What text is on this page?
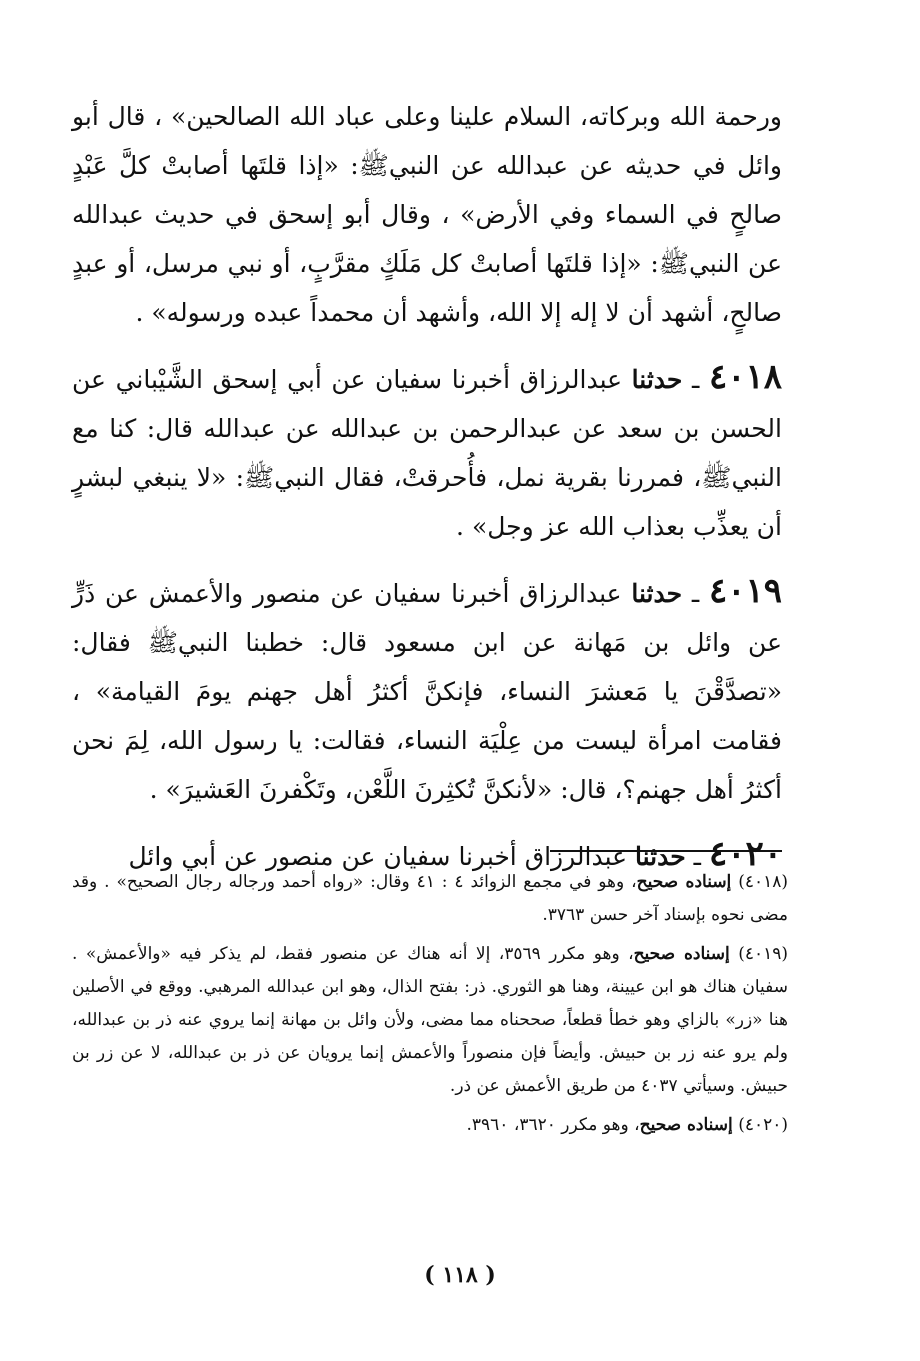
ورحمة الله وبركاته، السلام علينا وعلى عباد الله الصالحين» ، قال أبو وائل في حديثه عن عبدالله عن النبيﷺ: «إذا قلتَها أصابتْ كلَّ عَبْدٍ صالحٍ في السماء وفي الأرض» ، وقال أبو إسحق في حديث عبدالله عن النبيﷺ: «إذا قلتَها أصابتْ كل مَلَكٍ مقرَّبٍ، أو نبي مرسل، أو عبدٍ صالحٍ، أشهد أن لا إله إلا الله، وأشهد أن محمداً عبده ورسوله» .

٤٠١٨ ـ حدثنا عبدالرزاق أخبرنا سفيان عن أبي إسحق الشَّيْباني عن الحسن بن سعد عن عبدالرحمن بن عبدالله عن عبدالله قال: كنا مع النبيﷺ، فمررنا بقرية نمل، فأُحرقتْ، فقال النبيﷺ: «لا ينبغي لبشرٍ أن يعذِّب بعذاب الله عز وجل» .

٤٠١٩ ـ حدثنا عبدالرزاق أخبرنا سفيان عن منصور والأعمش عن ذَرٍّ عن وائل بن مَهانة عن ابن مسعود قال: خطبنا النبيﷺ فقال: «تصدَّقْنَ يا مَعشرَ النساء، فإنكنَّ أكثرُ أهل جهنم يومَ القيامة» ، فقامت امرأة ليست من عِلْيَة النساء، فقالت: يا رسول الله، لِمَ نحن أكثرُ أهل جهنم؟، قال: «لأنكنَّ تُكثِرنَ اللَّعْن، وتَكْفرنَ العَشيرَ» .

٤٠٢٠ ـ حدثنا عبدالرزاق أخبرنا سفيان عن منصور عن أبي وائل

(٤٠١٨) إسناده صحيح، وهو في مجمع الزوائد ٤ : ٤١ وقال: «رواه أحمد ورجاله رجال الصحيح» . وقد مضى نحوه بإسناد آخر حسن ٣٧٦٣.
(٤٠١٩) إسناده صحيح، وهو مكرر ٣٥٦٩، إلا أنه هناك عن منصور فقط، لم يذكر فيه «والأعمش» . سفيان هناك هو ابن عيينة، وهنا هو الثوري. ذر: بفتح الذال، وهو ابن عبدالله المرهبي. ووقع في الأصلين هنا «زر» بالزاي وهو خطأ قطعاً، صححناه مما مضى، ولأن وائل بن مهانة إنما يروي عنه ذر بن عبدالله، ولم يرو عنه زر بن حبيش. وأيضاً فإن منصوراً والأعمش إنما يرويان عن ذر بن عبدالله، لا عن زر بن حبيش. وسيأتي ٤٠٣٧ من طريق الأعمش عن ذر.
(٤٠٢٠) إسناده صحيح، وهو مكرر ٣٦٢٠، ٣٩٦٠.
( ١١٨ )
